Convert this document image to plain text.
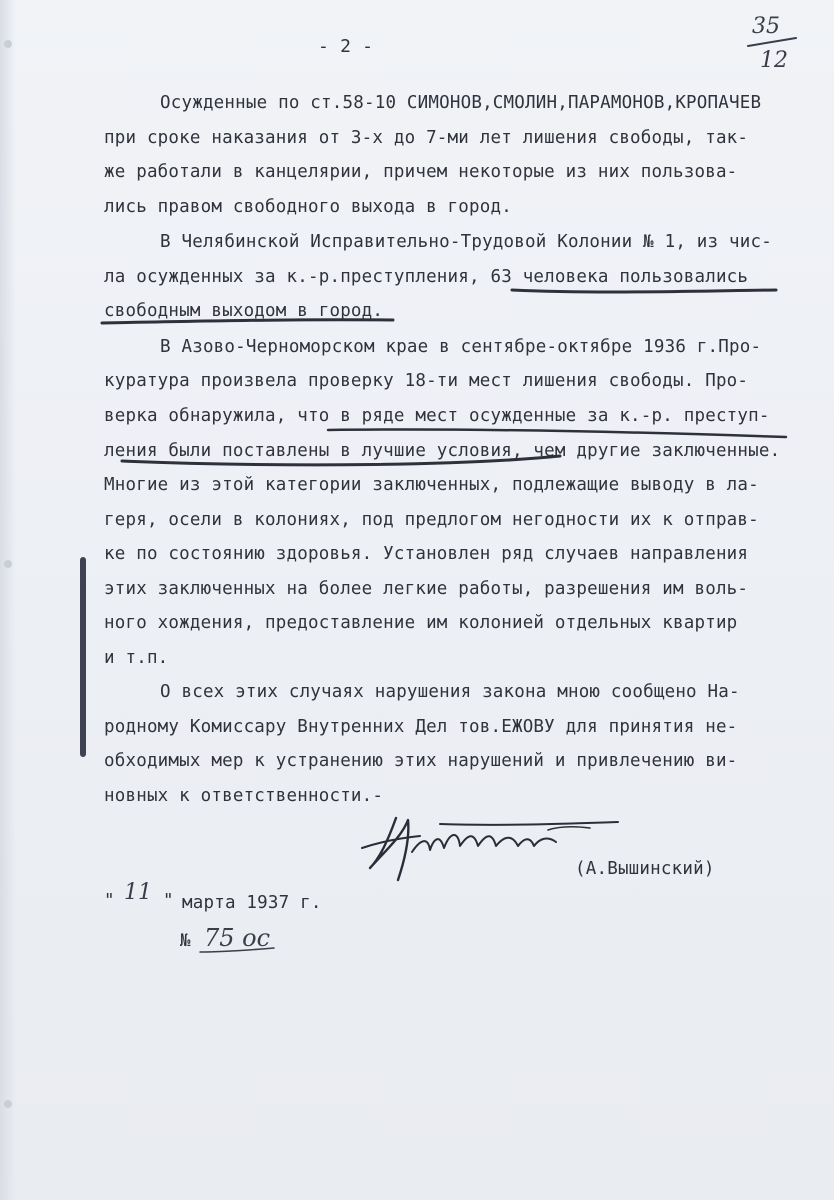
- 2 -
35
12
Осужденные по ст.58-10 СИМОНОВ,СМОЛИН,ПАРАМОНОВ,КРОПАЧЕВ
при сроке наказания от 3-х до 7-ми лет лишения свободы, так-
же работали в канцелярии, причем некоторые из них пользова-
лись правом свободного выхода в город.
В Челябинской Исправительно-Трудовой Колонии № 1, из чис-
ла осужденных за к.-р.преступления, 63 человека пользовались
свободным выходом в город.
В Азово-Черноморском крае в сентябре-октябре 1936 г.Про-
куратура произвела проверку 18-ти мест лишения свободы. Про-
верка обнаружила, что в ряде мест осужденные за к.-р. преступ-
ления были поставлены в лучшие условия, чем другие заключенные.
Многие из этой категории заключенных, подлежащие выводу в ла-
геря, осели в колониях, под предлогом негодности их к отправ-
ке по состоянию здоровья. Установлен ряд случаев направления
этих заключенных на более легкие работы, разрешения им воль-
ного хождения, предоставление им колонией отдельных квартир
и т.п.
О всех этих случаях нарушения закона мною сообщено На-
родному Комиссару Внутренних Дел тов.ЕЖОВУ для принятия не-
обходимых мер к устранению этих нарушений и привлечению ви-
новных к ответственности.-
(А.Вышинский)
" 11 " марта 1937 г.
№ 75 ос
